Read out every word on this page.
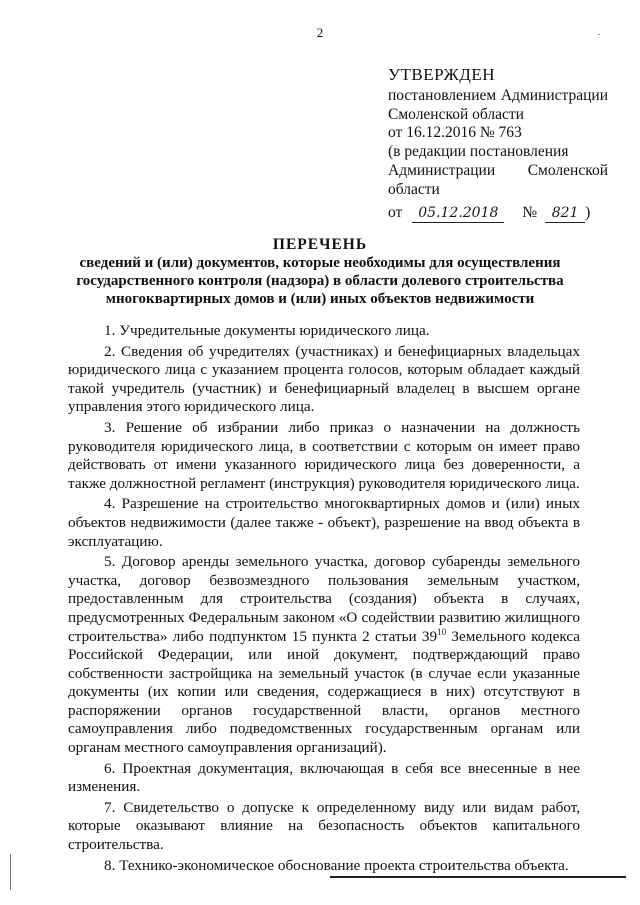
2
УТВЕРЖДЕН
постановлением Администрации
Смоленской области
от 16.12.2016 № 763
(в редакции постановления
Администрации Смоленской
области
от	05.12.2018	№	821 )
ПЕРЕЧЕНЬ
сведений и (или) документов, которые необходимы для осуществления государственного контроля (надзора) в области долевого строительства многоквартирных домов и (или) иных объектов недвижимости

1. Учредительные документы юридического лица.

2. Сведения об учредителях (участниках) и бенефициарных владельцах юридического лица с указанием процента голосов, которым обладает каждый такой учредитель (участник) и бенефициарный владелец в высшем органе управления этого юридического лица.

3. Решение об избрании либо приказ о назначении на должность руководителя юридического лица, в соответствии с которым он имеет право действовать от имени указанного юридического лица без доверенности, а также должностной регламент (инструкция) руководителя юридического лица.

4. Разрешение на строительство многоквартирных домов и (или) иных объектов недвижимости (далее также - объект), разрешение на ввод объекта в эксплуатацию.

5. Договор аренды земельного участка, договор субаренды земельного участка, договор безвозмездного пользования земельным участком, предоставленным для строительства (создания) объекта в случаях, предусмотренных Федеральным законом «О содействии развитию жилищного строительства» либо подпунктом 15 пункта 2 статьи $39^{10}$ Земельного кодекса Российской Федерации, или иной документ, подтверждающий право собственности застройщика на земельный участок (в случае если указанные документы (их копии или сведения, содержащиеся в них) отсутствуют в распоряжении органов государственной власти, органов местного самоуправления либо подведомственных государственным органам или органам местного самоуправления организаций).

6. Проектная документация, включающая в себя все внесенные в нее изменения.

7. Свидетельство о допуске к определенному виду или видам работ, которые оказывают влияние на безопасность объектов капитального строительства.

8. Технико-экономическое обоснование проекта строительства объекта.
